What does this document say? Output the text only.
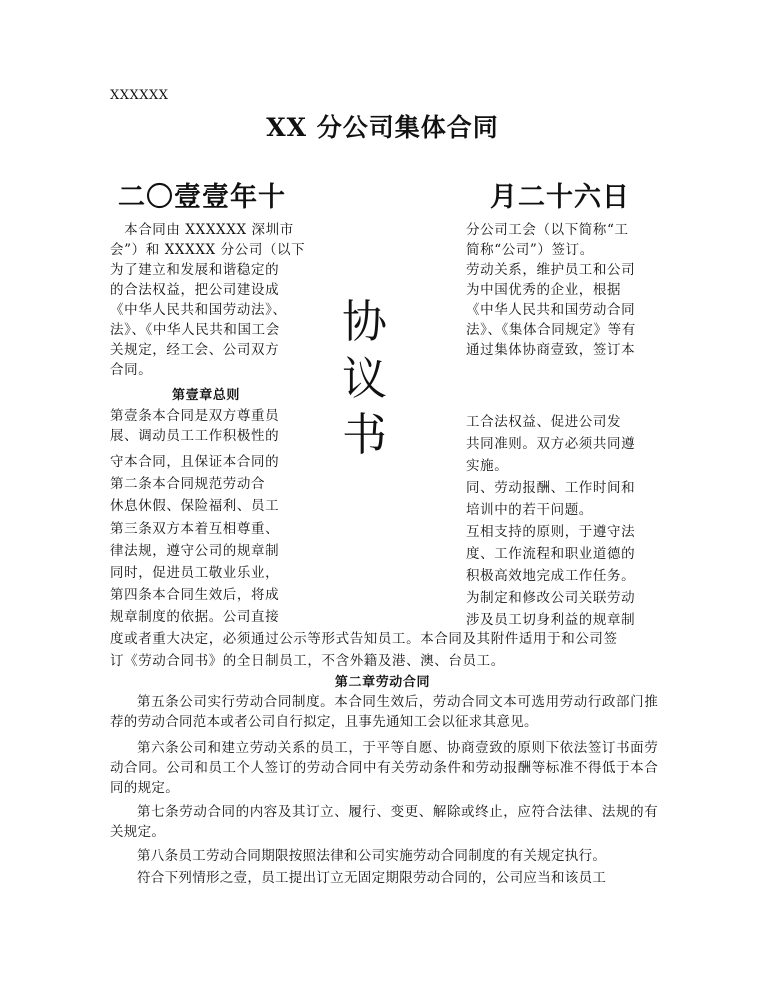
XXXXXX
XX 分公司集体合同
二〇壹壹年十	月二十六日
协
议
书
　本合同由 XXXXXX 深圳市
会”）和 XXXXX 分公司（以下
为了建立和发展和谐稳定的
的合法权益，把公司建设成
《中华人民共和国劳动法》、
法》、《中华人民共和国工会
关规定，经工会、公司双方
合同。
分公司工会（以下简称“工
简称“公司”）签订。
劳动关系，维护员工和公司
为中国优秀的企业，根据
《中华人民共和国劳动合同
法》、《集体合同规定》等有
通过集体协商壹致，签订本
第壹章总则
第壹条本合同是双方尊重员
展、调动员工工作积极性的
守本合同，且保证本合同的
第二条本合同规范劳动合
休息休假、保险福利、员工
第三条双方本着互相尊重、
律法规，遵守公司的规章制
同时，促进员工敬业乐业，
第四条本合同生效后，将成
规章制度的依据。公司直接
工合法权益、促进公司发
共同准则。双方必须共同遵
实施。
同、劳动报酬、工作时间和
培训中的若干问题。
互相支持的原则，于遵守法
度、工作流程和职业道德的
积极高效地完成工作任务。
为制定和修改公司关联劳动
涉及员工切身利益的规章制
度或者重大决定，必须通过公示等形式告知员工。本合同及其附件适用于和公司签
订《劳动合同书》的全日制员工，不含外籍及港、澳、台员工。
第二章劳动合同
第五条公司实行劳动合同制度。本合同生效后，劳动合同文本可选用劳动行政部门推荐的劳动合同范本或者公司自行拟定，且事先通知工会以征求其意见。
第六条公司和建立劳动关系的员工，于平等自愿、协商壹致的原则下依法签订书面劳动合同。公司和员工个人签订的劳动合同中有关劳动条件和劳动报酬等标准不得低于本合同的规定。
第七条劳动合同的内容及其订立、履行、变更、解除或终止，应符合法律、法规的有关规定。
第八条员工劳动合同期限按照法律和公司实施劳动合同制度的有关规定执行。
符合下列情形之壹，员工提出订立无固定期限劳动合同的，公司应当和该员工
